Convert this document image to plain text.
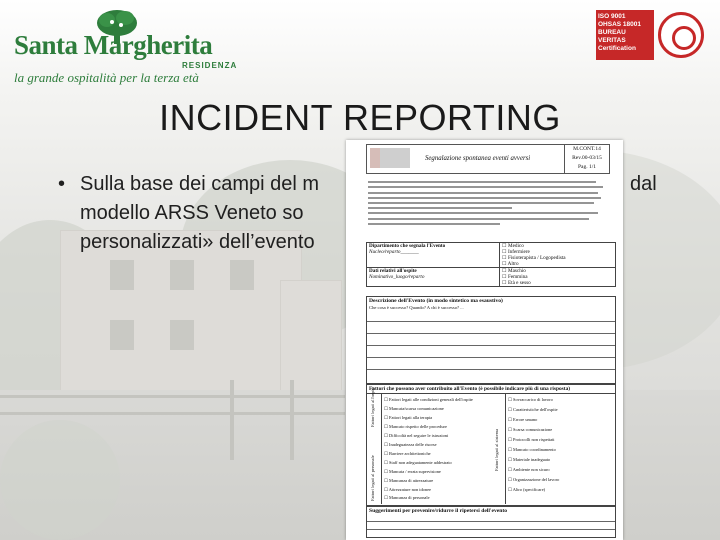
Santa Margherita
RESIDENZA
la grande ospitalità per la terza età
ISO 9001
OHSAS 18001
BUREAU VERITAS
Certification
INCIDENT REPORTING
• Sulla base dei campi del m
modello ARSS Veneto so
personalizzati» dell’evento
dal
Segnalazione spontanea eventi avversi
M.CONT.14
Rev.00-03/15
Pag. 1/1
Dipartimento che segnala l'Evento
Nucleo/reparto_______	☐ Medico
☐ Infermiere
☐ Fisioterapista / Logopedista
☐ Altro
Dati relativi all'ospite
Nominativo_luogo/reparto	☐ Maschio
☐ Femmina
☐ Età e sesso
Descrizione dell'Evento (in modo sintetico ma esaustivo)
Che cosa è successo? Quando? A chi è successo? ...
Fattori che possono aver contribuito all'Evento (è possibile indicare più di una risposta)
Fattori legati all'ospite
Fattori legati al personale
Fattori legati al sistema
☐ Fattori legati alle condizioni generali dell'ospite
☐ Mancata/scarsa comunicazione
☐ Fattori legati alla terapia
☐ Mancato rispetto delle procedure
☐ Difficoltà nel seguire le istruzioni
☐ Inadeguatezza delle risorse
☐ Barriere architettoniche
☐ Staff non adeguatamente addestrato
☐ Mancata / errata supervisione
☐ Mancanza di attrezzature
☐ Attrezzature non idonee
☐ Mancanza di personale
☐ Sovraccarico di lavoro
☐ Caratteristiche dell'ospite
☐ Errore umano
☐ Scarsa comunicazione
☐ Protocolli non rispettati
☐ Mancato coordinamento
☐ Materiale inadeguato
☐ Ambiente non sicuro
☐ Organizzazione del lavoro
☐ Altro (specificare)
Suggerimenti per prevenire/ridurre il ripetersi dell'evento
